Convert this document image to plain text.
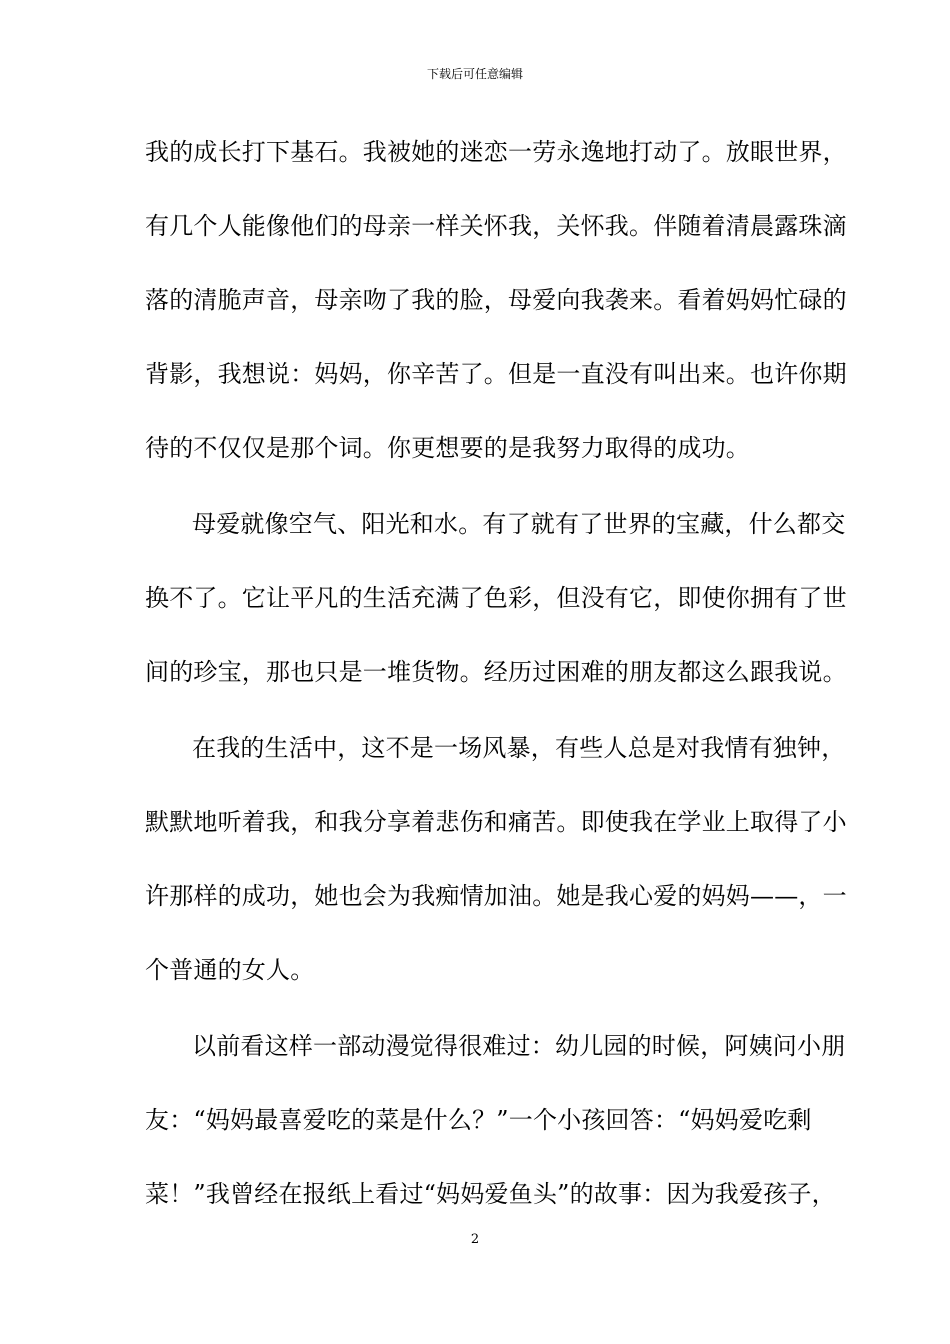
下载后可任意编辑
我的成长打下基石。我被她的迷恋一劳永逸地打动了。放眼世界，
有几个人能像他们的母亲一样关怀我，关怀我。伴随着清晨露珠滴
落的清脆声音，母亲吻了我的脸，母爱向我袭来。看着妈妈忙碌的
背影，我想说：妈妈，你辛苦了。但是一直没有叫出来。也许你期
待的不仅仅是那个词。你更想要的是我努力取得的成功。
母爱就像空气、阳光和水。有了就有了世界的宝藏，什么都交
换不了。它让平凡的生活充满了色彩，但没有它，即使你拥有了世
间的珍宝，那也只是一堆货物。经历过困难的朋友都这么跟我说。
在我的生活中，这不是一场风暴，有些人总是对我情有独钟，
默默地听着我，和我分享着悲伤和痛苦。即使我在学业上取得了小
许那样的成功，她也会为我痴情加油。她是我心爱的妈妈——，一
个普通的女人。
以前看这样一部动漫觉得很难过：幼儿园的时候，阿姨问小朋
友：“妈妈最喜爱吃的菜是什么？”一个小孩回答：“妈妈爱吃剩
菜！”我曾经在报纸上看过“妈妈爱鱼头”的故事：因为我爱孩子，
2
